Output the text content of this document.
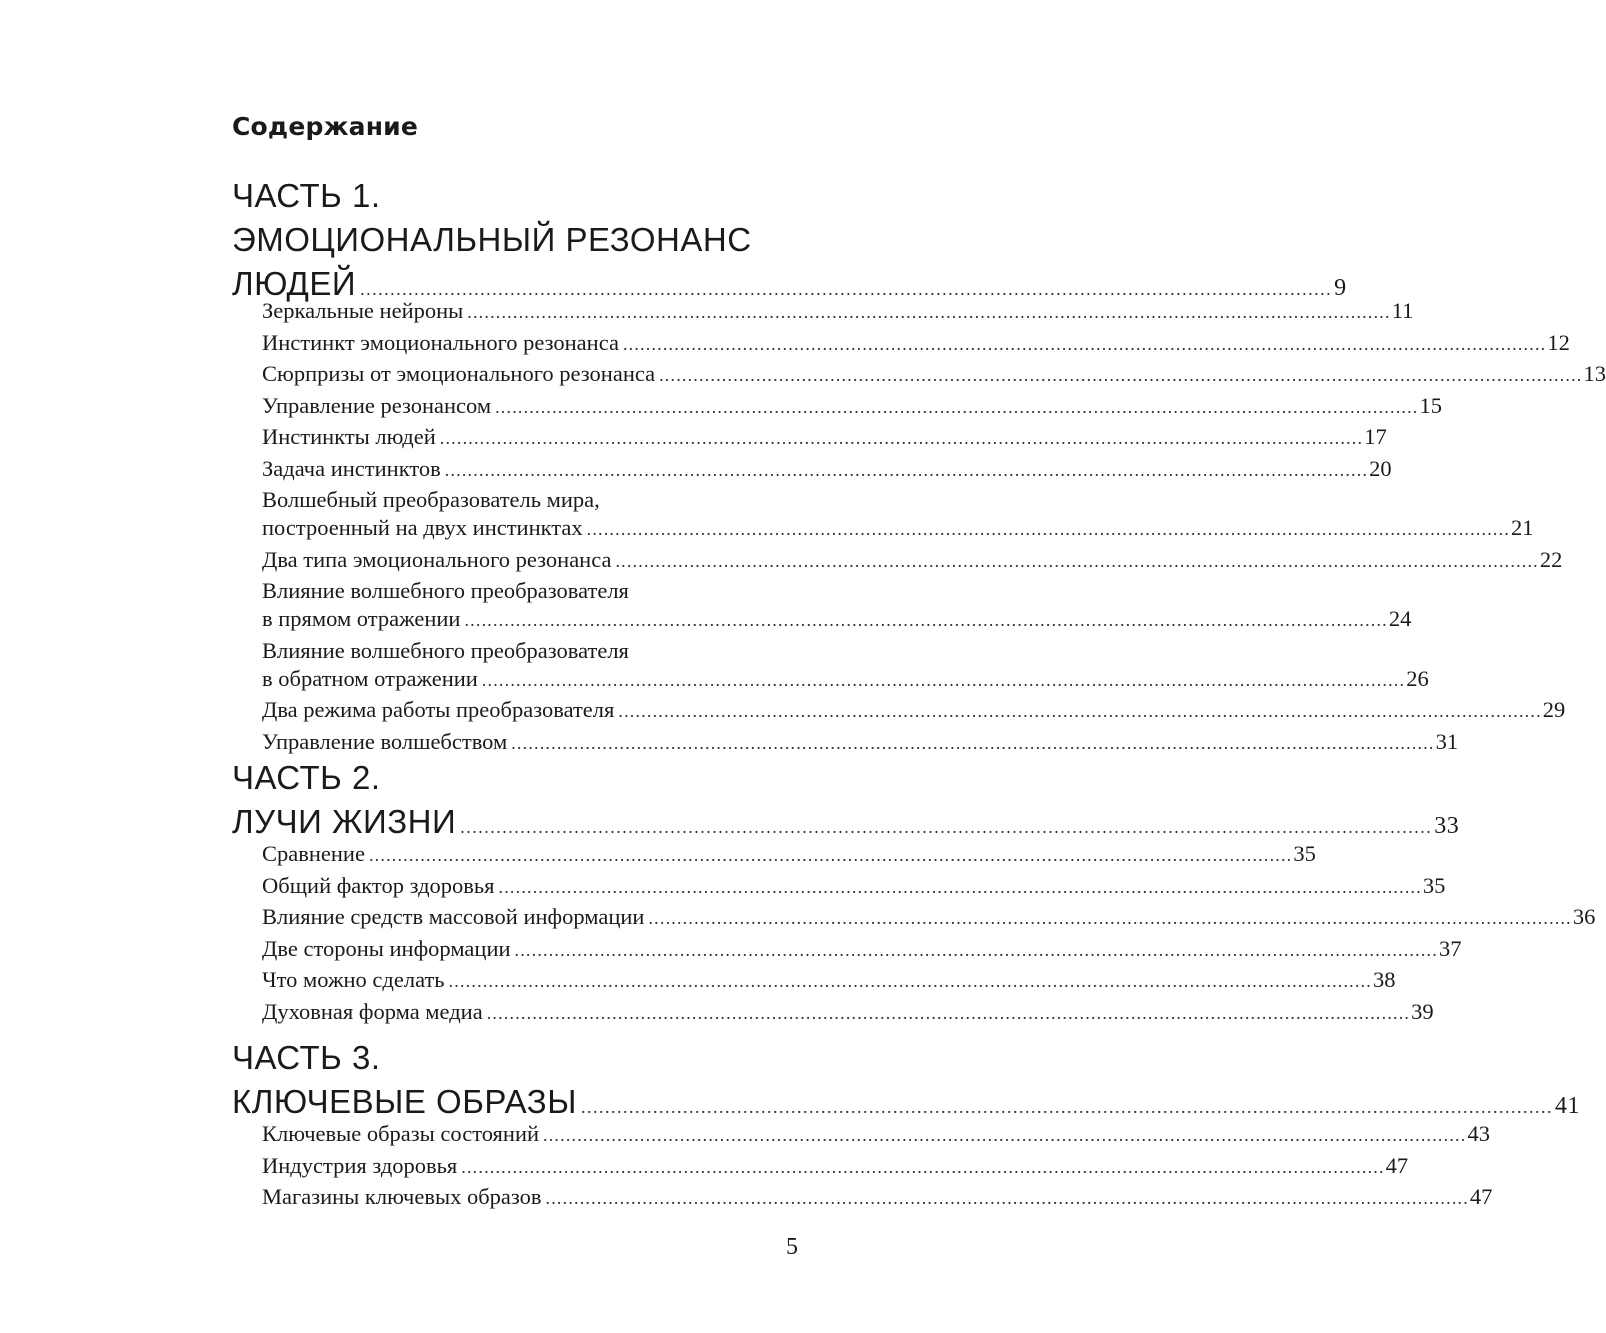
Содержание
ЧАСТЬ 1.
ЭМОЦИОНАЛЬНЫЙ РЕЗОНАНС
ЛЮДЕЙ .................................................................................................................................................................. 9
Зеркальные нейроны .................................................................................................................................................................. 11
Инстинкт эмоционального резонанса .................................................................................................................................................................. 12
Сюрпризы от эмоционального резонанса .................................................................................................................................................................. 13
Управление резонансом .................................................................................................................................................................. 15
Инстинкты людей .................................................................................................................................................................. 17
Задача инстинктов .................................................................................................................................................................. 20
Волшебный преобразователь мира,
построенный на двух инстинктах .................................................................................................................................................................. 21
Два типа эмоционального резонанса .................................................................................................................................................................. 22
Влияние волшебного преобразователя
в прямом отражении .................................................................................................................................................................. 24
Влияние волшебного преобразователя
в обратном отражении .................................................................................................................................................................. 26
Два режима работы преобразователя .................................................................................................................................................................. 29
Управление волшебством .................................................................................................................................................................. 31
ЧАСТЬ 2.
ЛУЧИ ЖИЗНИ .................................................................................................................................................................. 33
Сравнение .................................................................................................................................................................. 35
Общий фактор здоровья .................................................................................................................................................................. 35
Влияние средств массовой информации .................................................................................................................................................................. 36
Две стороны информации .................................................................................................................................................................. 37
Что можно сделать .................................................................................................................................................................. 38
Духовная форма медиа .................................................................................................................................................................. 39
ЧАСТЬ 3.
КЛЮЧЕВЫЕ ОБРАЗЫ .................................................................................................................................................................. 41
Ключевые образы состояний .................................................................................................................................................................. 43
Индустрия здоровья .................................................................................................................................................................. 47
Магазины ключевых образов .................................................................................................................................................................. 47
5
